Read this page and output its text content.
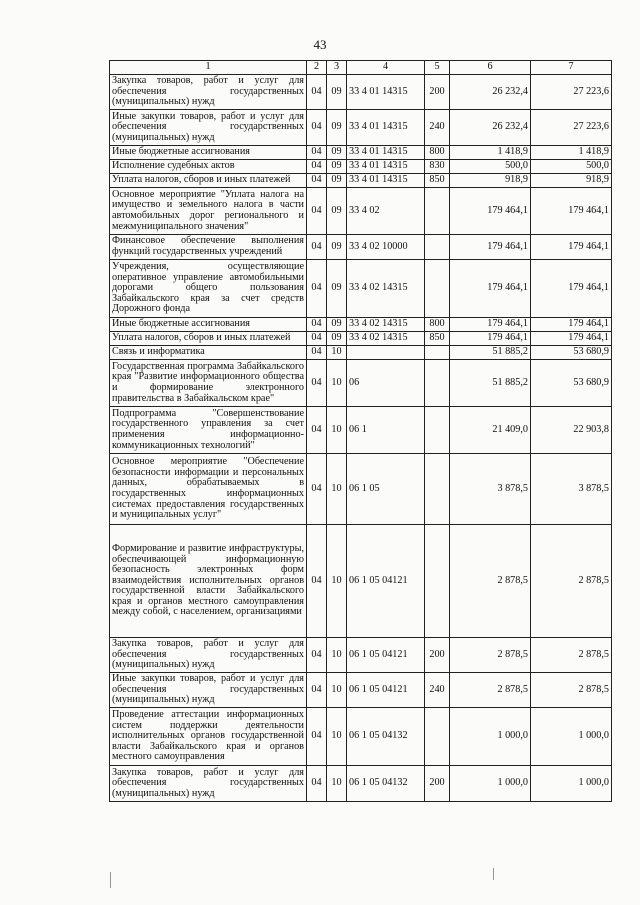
43
1	2	3	4	5	6	7
Закупка товаров, работ и услуг для обеспечения государственных (муниципальных) нужд	04	09	33 4 01 14315	200	26 232,4	27 223,6
Иные закупки товаров, работ и услуг для обеспечения государственных (муниципальных) нужд	04	09	33 4 01 14315	240	26 232,4	27 223,6
Иные бюджетные ассигнования	04	09	33 4 01 14315	800	1 418,9	1 418,9
Исполнение судебных актов	04	09	33 4 01 14315	830	500,0	500,0
Уплата налогов, сборов и иных платежей	04	09	33 4 01 14315	850	918,9	918,9
Основное мероприятие "Уплата налога на имущество и земельного налога в части автомобильных дорог регионального и межмуниципального значения"	04	09	33 4 02		179 464,1	179 464,1
Финансовое обеспечение выполнения функций государственных учреждений	04	09	33 4 02 10000		179 464,1	179 464,1
Учреждения, осуществляющие оперативное управление автомобильными дорогами общего пользования Забайкальского края за счет средств Дорожного фонда	04	09	33 4 02 14315		179 464,1	179 464,1
Иные бюджетные ассигнования	04	09	33 4 02 14315	800	179 464,1	179 464,1
Уплата налогов, сборов и иных платежей	04	09	33 4 02 14315	850	179 464,1	179 464,1
Связь и информатика	04	10			51 885,2	53 680,9
Государственная программа Забайкальского края "Развитие информационного общества и формирование электронного правительства в Забайкальском крае"	04	10	06		51 885,2	53 680,9
Подпрограмма "Совершенствование государственного управления за счет применения информационно-коммуникационных технологий"	04	10	06 1		21 409,0	22 903,8
Основное мероприятие "Обеспечение безопасности информации и персональных данных, обрабатываемых в государственных информационных системах предоставления государственных и муниципальных услуг"	04	10	06 1 05		3 878,5	3 878,5
Формирование и развитие инфраструктуры, обеспечивающей информационную безопасность электронных форм взаимодействия исполнительных органов государственной власти Забайкальского края и органов местного самоуправления между собой, с населением, организациями	04	10	06 1 05 04121		2 878,5	2 878,5
Закупка товаров, работ и услуг для обеспечения государственных (муниципальных) нужд	04	10	06 1 05 04121	200	2 878,5	2 878,5
Иные закупки товаров, работ и услуг для обеспечения государственных (муниципальных) нужд	04	10	06 1 05 04121	240	2 878,5	2 878,5
Проведение аттестации информационных систем поддержки деятельности исполнительных органов государственной власти Забайкальского края и органов местного самоуправления	04	10	06 1 05 04132		1 000,0	1 000,0
Закупка товаров, работ и услуг для обеспечения государственных (муниципальных) нужд	04	10	06 1 05 04132	200	1 000,0	1 000,0
